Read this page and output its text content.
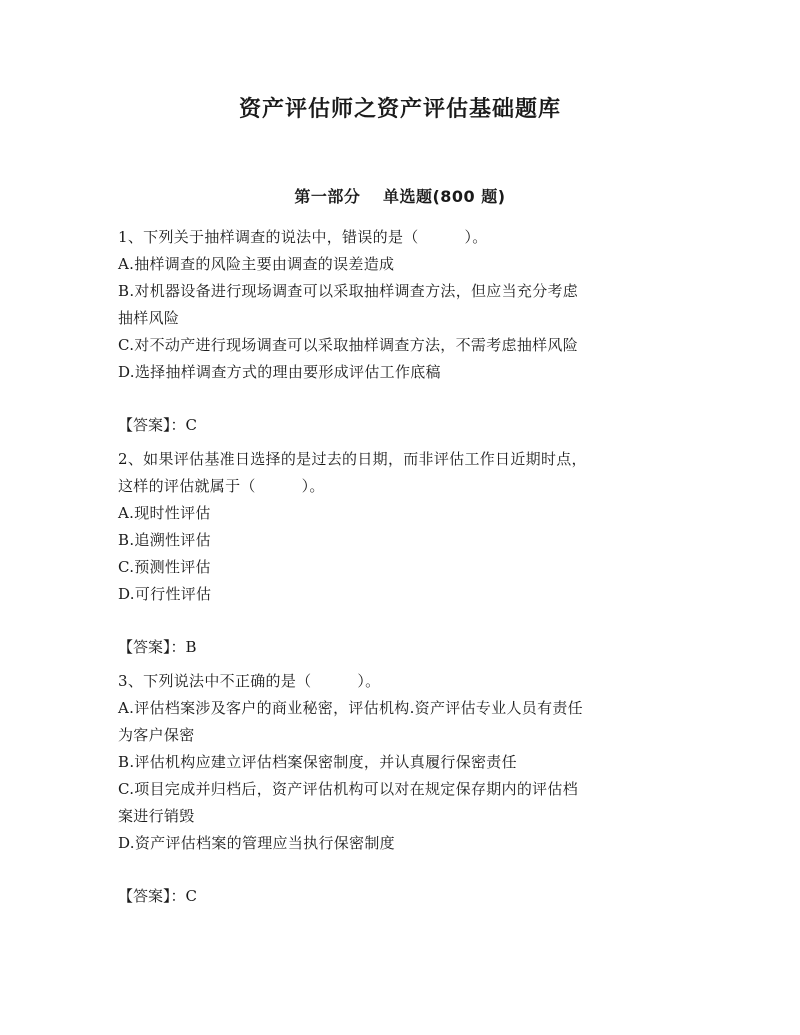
资产评估师之资产评估基础题库
第一部分　 单选题(800 题)
1、下列关于抽样调查的说法中，错误的是（　　　）。
A.抽样调查的风险主要由调查的误差造成
B.对机器设备进行现场调查可以采取抽样调查方法，但应当充分考虑
抽样风险
C.对不动产进行现场调查可以采取抽样调查方法，不需考虑抽样风险
D.选择抽样调查方式的理由要形成评估工作底稿
【答案】：C
2、如果评估基准日选择的是过去的日期，而非评估工作日近期时点，
这样的评估就属于（　　　）。
A.现时性评估
B.追溯性评估
C.预测性评估
D.可行性评估
【答案】：B
3、下列说法中不正确的是（　　　）。
A.评估档案涉及客户的商业秘密，评估机构.资产评估专业人员有责任
为客户保密
B.评估机构应建立评估档案保密制度，并认真履行保密责任
C.项目完成并归档后，资产评估机构可以对在规定保存期内的评估档
案进行销毁
D.资产评估档案的管理应当执行保密制度
【答案】：C
